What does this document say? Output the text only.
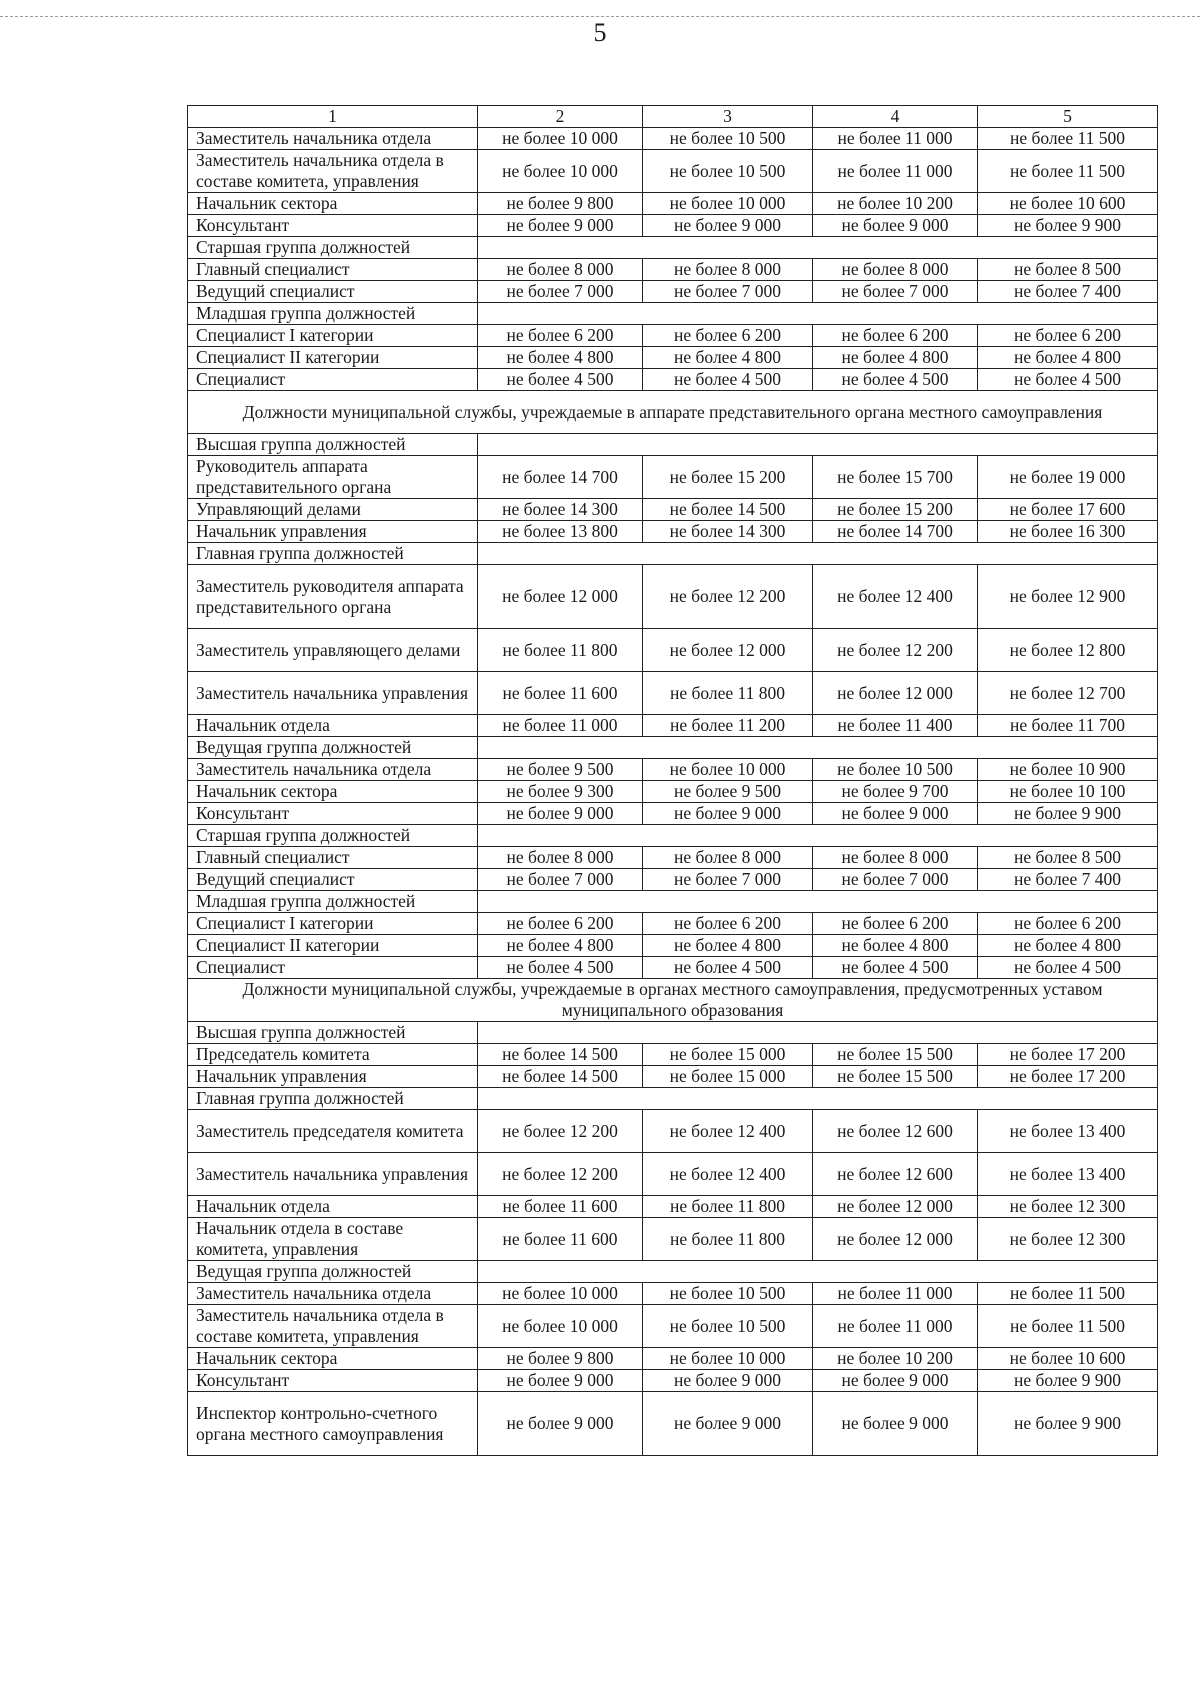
5
1	2	3	4	5
Заместитель начальника отдела	не более 10 000	не более 10 500	не более 11 000	не более 11 500
Заместитель начальника отдела в составе комитета, управления	не более 10 000	не более 10 500	не более 11 000	не более 11 500
Начальник сектора	не более 9 800	не более 10 000	не более 10 200	не более 10 600
Консультант	не более 9 000	не более 9 000	не более 9 000	не более 9 900
Старшая группа должностей				
Главный специалист	не более 8 000	не более 8 000	не более 8 000	не более 8 500
Ведущий специалист	не более 7 000	не более 7 000	не более 7 000	не более 7 400
Младшая группа должностей				
Специалист I категории	не более 6 200	не более 6 200	не более 6 200	не более 6 200
Специалист II категории	не более 4 800	не более 4 800	не более 4 800	не более 4 800
Специалист	не более 4 500	не более 4 500	не более 4 500	не более 4 500
Должности муниципальной службы, учреждаемые в аппарате представительного органа местного самоуправления				
Высшая группа должностей				
Руководитель аппарата представительного органа	не более 14 700	не более 15 200	не более 15 700	не более 19 000
Управляющий делами	не более 14 300	не более 14 500	не более 15 200	не более 17 600
Начальник управления	не более 13 800	не более 14 300	не более 14 700	не более 16 300
Главная группа должностей				
Заместитель руководителя аппарата представительного органа	не более 12 000	не более 12 200	не более 12 400	не более 12 900
Заместитель управляющего делами	не более 11 800	не более 12 000	не более 12 200	не более 12 800
Заместитель начальника управления	не более 11 600	не более 11 800	не более 12 000	не более 12 700
Начальник отдела	не более 11 000	не более 11 200	не более 11 400	не более 11 700
Ведущая группа должностей				
Заместитель начальника отдела	не более 9 500	не более 10 000	не более 10 500	не более 10 900
Начальник сектора	не более 9 300	не более 9 500	не более 9 700	не более 10 100
Консультант	не более 9 000	не более 9 000	не более 9 000	не более 9 900
Старшая группа должностей				
Главный специалист	не более 8 000	не более 8 000	не более 8 000	не более 8 500
Ведущий специалист	не более 7 000	не более 7 000	не более 7 000	не более 7 400
Младшая группа должностей				
Специалист I категории	не более 6 200	не более 6 200	не более 6 200	не более 6 200
Специалист II категории	не более 4 800	не более 4 800	не более 4 800	не более 4 800
Специалист	не более 4 500	не более 4 500	не более 4 500	не более 4 500
Должности муниципальной службы, учреждаемые в органах местного самоуправления, предусмотренных уставом муниципального образования				
Высшая группа должностей				
Председатель комитета	не более 14 500	не более 15 000	не более 15 500	не более 17 200
Начальник управления	не более 14 500	не более 15 000	не более 15 500	не более 17 200
Главная группа должностей				
Заместитель председателя комитета	не более 12 200	не более 12 400	не более 12 600	не более 13 400
Заместитель начальника управления	не более 12 200	не более 12 400	не более 12 600	не более 13 400
Начальник отдела	не более 11 600	не более 11 800	не более 12 000	не более 12 300
Начальник отдела в составе комитета, управления	не более 11 600	не более 11 800	не более 12 000	не более 12 300
Ведущая группа должностей				
Заместитель начальника отдела	не более 10 000	не более 10 500	не более 11 000	не более 11 500
Заместитель начальника отдела в составе комитета, управления	не более 10 000	не более 10 500	не более 11 000	не более 11 500
Начальник сектора	не более 9 800	не более 10 000	не более 10 200	не более 10 600
Консультант	не более 9 000	не более 9 000	не более 9 000	не более 9 900
Инспектор контрольно-счетного органа местного самоуправления	не более 9 000	не более 9 000	не более 9 000	не более 9 900
